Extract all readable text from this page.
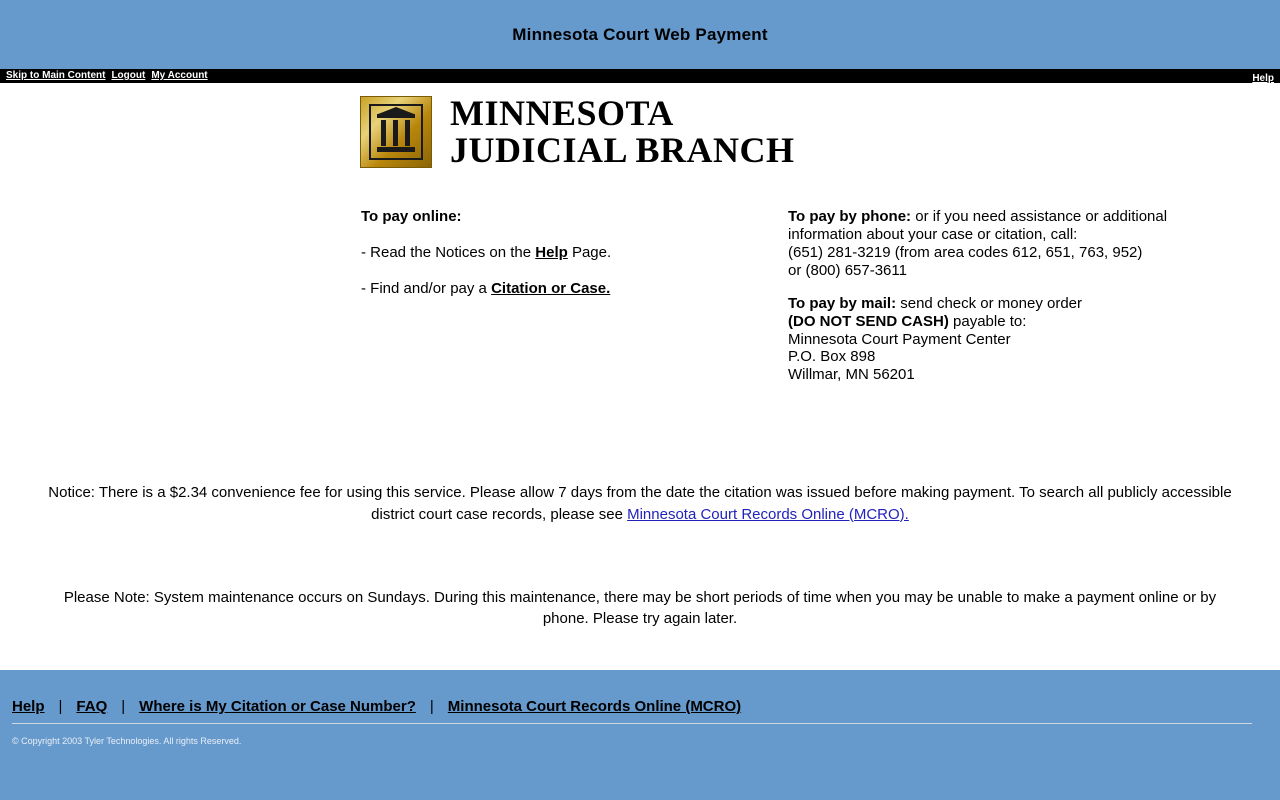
Minnesota Court Web Payment
Skip to Main Content Logout My Account	Help
MINNESOTA
JUDICIAL BRANCH

To pay online:

- Read the Notices on the Help Page.

- Find and/or pay a Citation or Case.

To pay by phone: or if you need assistance or additional information about your case or citation, call:
(651) 281-3219 (from area codes 612, 651, 763, 952)
or (800) 657-3611

To pay by mail: send check or money order
(DO NOT SEND CASH) payable to:
Minnesota Court Payment Center
P.O. Box 898
Willmar, MN 56201

Notice: There is a $2.34 convenience fee for using this service. Please allow 7 days from the date the citation was issued before making payment. To search all publicly accessible district court case records, please see Minnesota Court Records Online (MCRO).
Please Note: System maintenance occurs on Sundays. During this maintenance, there may be short periods of time when you may be unable to make a payment online or by phone. Please try again later.
Help | FAQ | Where is My Citation or Case Number? | Minnesota Court Records Online (MCRO)
© Copyright 2003 Tyler Technologies. All rights Reserved.
